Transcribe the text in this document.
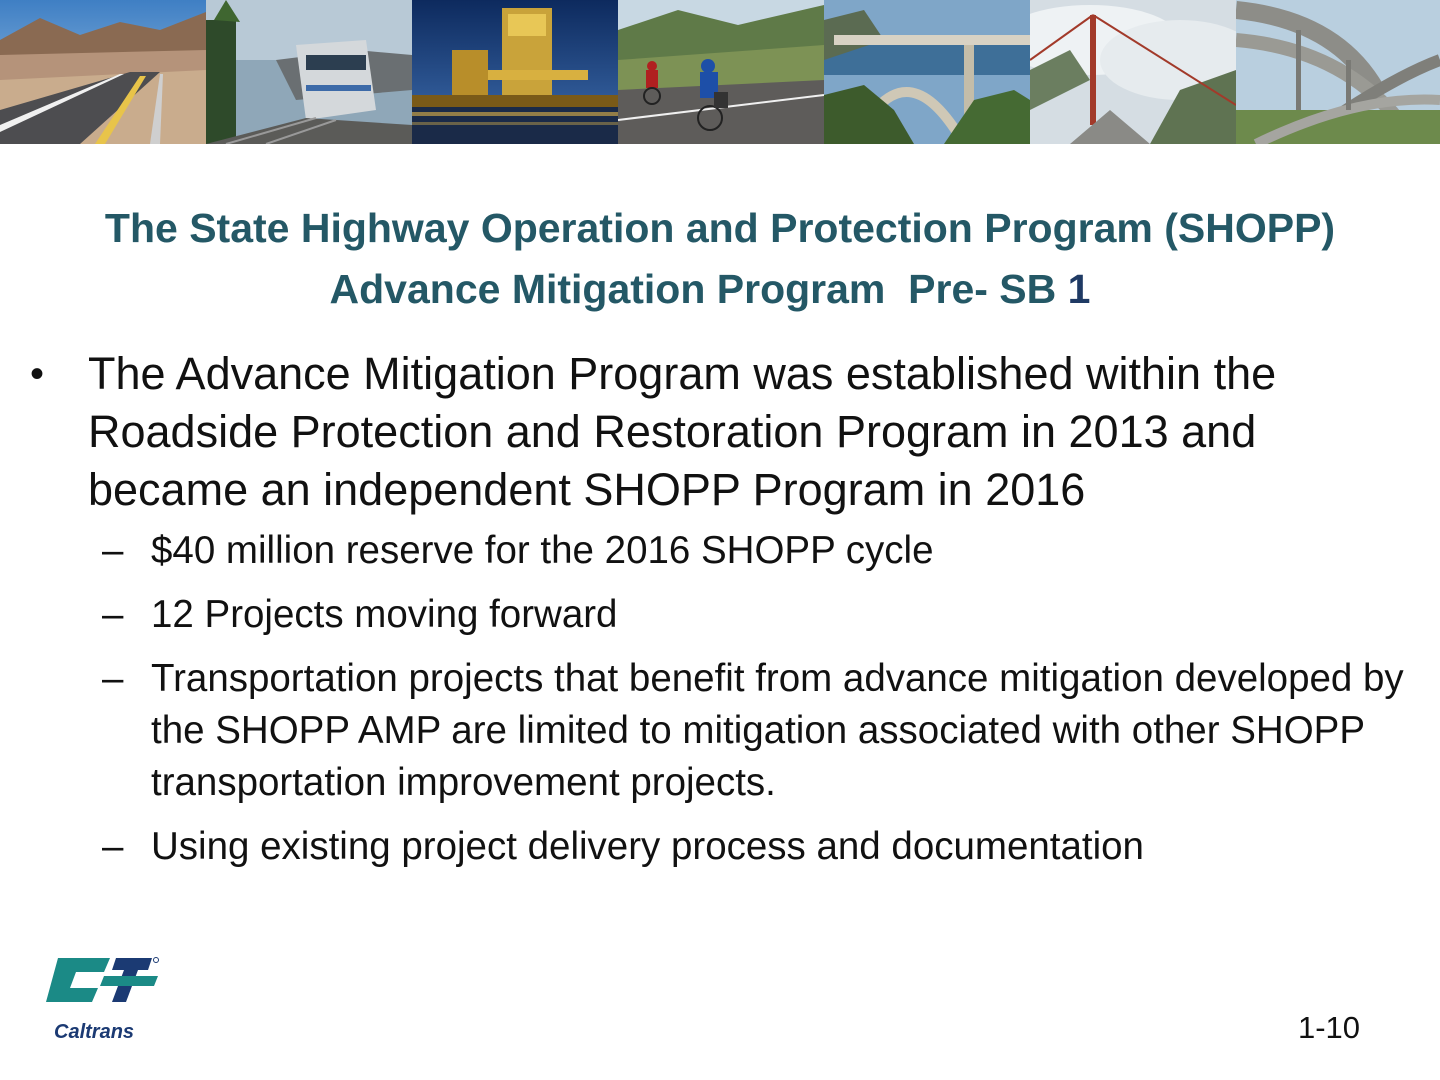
The State Highway Operation and Protection Program (SHOPP)
Advance Mitigation Program  Pre- SB 1
• The Advance Mitigation Program was established within the Roadside Protection and Restoration Program in 2013 and became an independent SHOPP Program in 2016
– $40 million reserve for the 2016 SHOPP cycle
– 12 Projects moving forward
– Transportation projects that benefit from advance mitigation developed by the SHOPP AMP are limited to mitigation associated with other SHOPP transportation improvement projects.
– Using existing project delivery process and documentation
Caltrans	1-10
